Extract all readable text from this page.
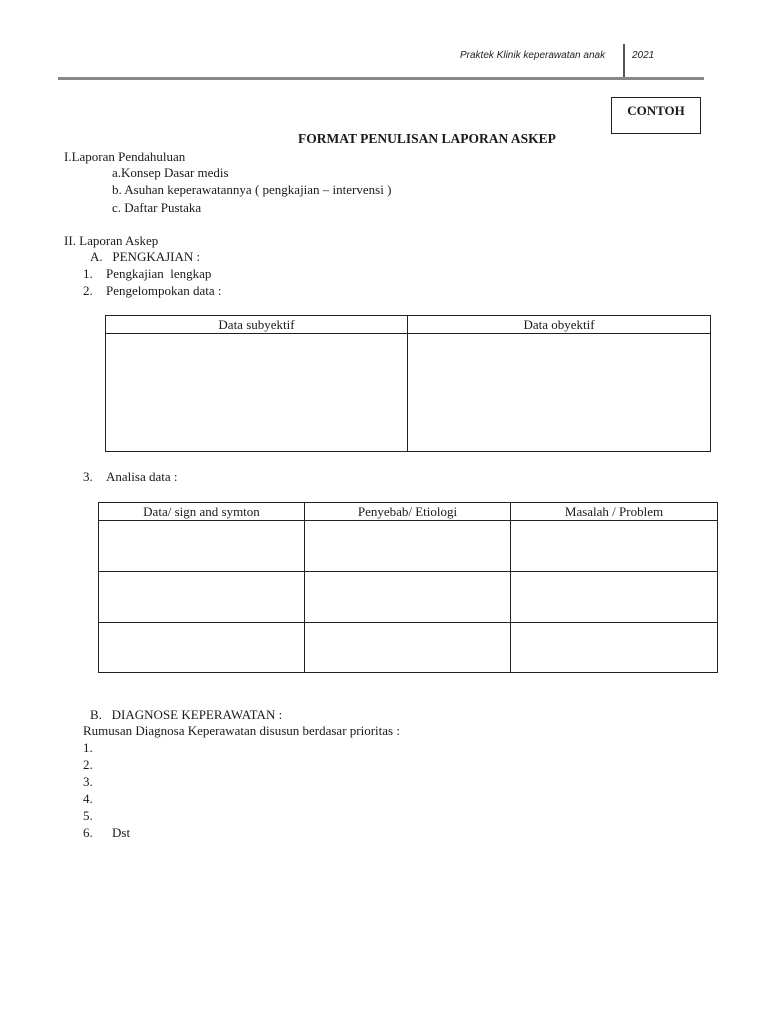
Praktek Klinik keperawatan anak	2021
CONTOH
FORMAT PENULISAN LAPORAN ASKEP
I.Laporan Pendahuluan
a.Konsep Dasar medis
b. Asuhan keperawatannya ( pengkajian – intervensi )
c. Daftar Pustaka
II. Laporan Askep
A.   PENGKAJIAN :
1. Pengkajian  lengkap
2. Pengelompokan data :
Data subyektif	Data obyektif

3. Analisa data :
Data/ sign and symton	Penyebab/ Etiologi	Masalah / Problem

B.   DIAGNOSE KEPERAWATAN :
Rumusan Diagnosa Keperawatan disusun berdasar prioritas :
1.
2.
3.
4.
5.
6. Dst
